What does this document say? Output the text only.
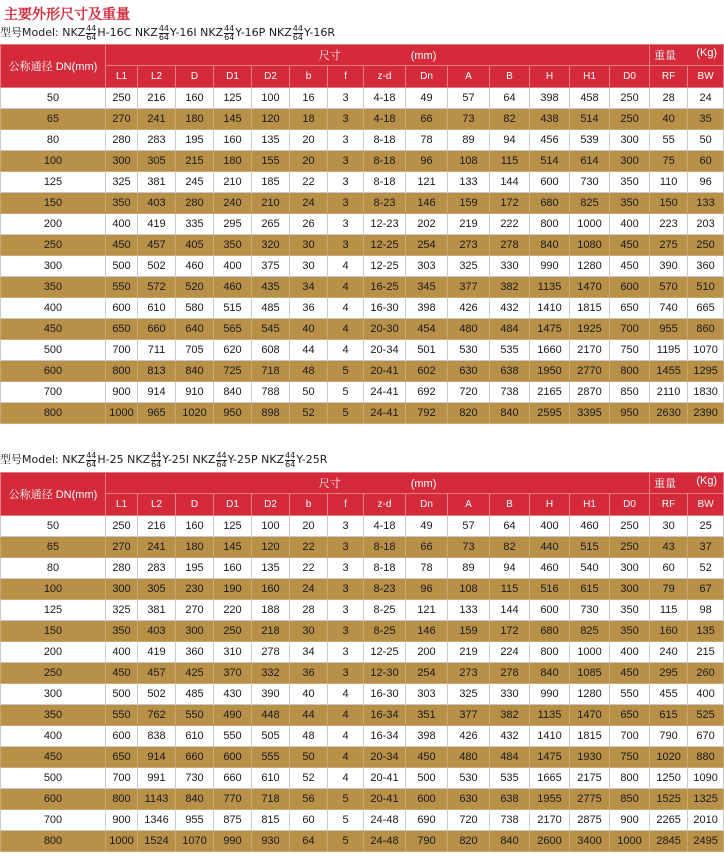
主要外形尺寸及重量
型号Model: NKZ $\frac{44}{64} H-16C$ NKZ $\frac{44}{64} Y-16I$ NKZ $\frac{44}{64} Y-16P$ NKZ $\frac{44}{64} Y-16R$
公称通径 DN(mm)	尺寸 (mm)														重量 (Kg)	

	L1	L2	D	D1	D2	b	f	z-d	Dn	A	B	H	H1	D0	RF	BW
50	250	216	160	125	100	16	3	4-18	49	57	64	398	458	250	28	24
65	270	241	180	145	120	18	3	4-18	66	73	82	438	514	250	40	35
80	280	283	195	160	135	20	3	8-18	78	89	94	456	539	300	55	50
100	300	305	215	180	155	20	3	8-18	96	108	115	514	614	300	75	60
125	325	381	245	210	185	22	3	8-18	121	133	144	600	730	350	110	96
150	350	403	280	240	210	24	3	8-23	146	159	172	680	825	350	150	133
200	400	419	335	295	265	26	3	12-23	202	219	222	800	1000	400	223	203
250	450	457	405	350	320	30	3	12-25	254	273	278	840	1080	450	275	250
300	500	502	460	400	375	30	4	12-25	303	325	330	990	1280	450	390	360
350	550	572	520	460	435	34	4	16-25	345	377	382	1135	1470	600	570	510
400	600	610	580	515	485	36	4	16-30	398	426	432	1410	1815	650	740	665
450	650	660	640	565	545	40	4	20-30	454	480	484	1475	1925	700	955	860
500	700	711	705	620	608	44	4	20-34	501	530	535	1660	2170	750	1195	1070
600	800	813	840	725	718	48	5	20-41	602	630	638	1950	2770	800	1455	1295
700	900	914	910	840	788	50	5	24-41	692	720	738	2165	2870	850	2110	1830
800	1000	965	1020	950	898	52	5	24-41	792	820	840	2595	3395	950	2630	2390
型号Model: NKZ $\frac{44}{64} H-25$ NKZ $\frac{44}{64} Y-25I$ NKZ $\frac{44}{64} Y-25P$ NKZ $\frac{44}{64} Y-25R$
公称通径 DN(mm)	尺寸 (mm)														重量 (Kg)	

	L1	L2	D	D1	D2	b	f	z-d	Dn	A	B	H	H1	D0	RF	BW
50	250	216	160	125	100	20	3	4-18	49	57	64	400	460	250	30	25
65	270	241	180	145	120	22	3	8-18	66	73	82	440	515	250	43	37
80	280	283	195	160	135	22	3	8-18	78	89	94	460	540	300	60	52
100	300	305	230	190	160	24	3	8-23	96	108	115	516	615	300	79	67
125	325	381	270	220	188	28	3	8-25	121	133	144	600	730	350	115	98
150	350	403	300	250	218	30	3	8-25	146	159	172	680	825	350	160	135
200	400	419	360	310	278	34	3	12-25	200	219	224	800	1000	400	240	215
250	450	457	425	370	332	36	3	12-30	254	273	278	840	1085	450	295	260
300	500	502	485	430	390	40	4	16-30	303	325	330	990	1280	550	455	400
350	550	762	550	490	448	44	4	16-34	351	377	382	1135	1470	650	615	525
400	600	838	610	550	505	48	4	16-34	398	426	432	1410	1815	700	790	670
450	650	914	660	600	555	50	4	20-34	450	480	484	1475	1930	750	1020	880
500	700	991	730	660	610	52	4	20-41	500	530	535	1665	2175	800	1250	1090
600	800	1143	840	770	718	56	5	20-41	600	630	638	1955	2775	850	1525	1325
700	900	1346	955	875	815	60	5	24-48	690	720	738	2170	2875	900	2265	2010
800	1000	1524	1070	990	930	64	5	24-48	790	820	840	2600	3400	1000	2845	2495
